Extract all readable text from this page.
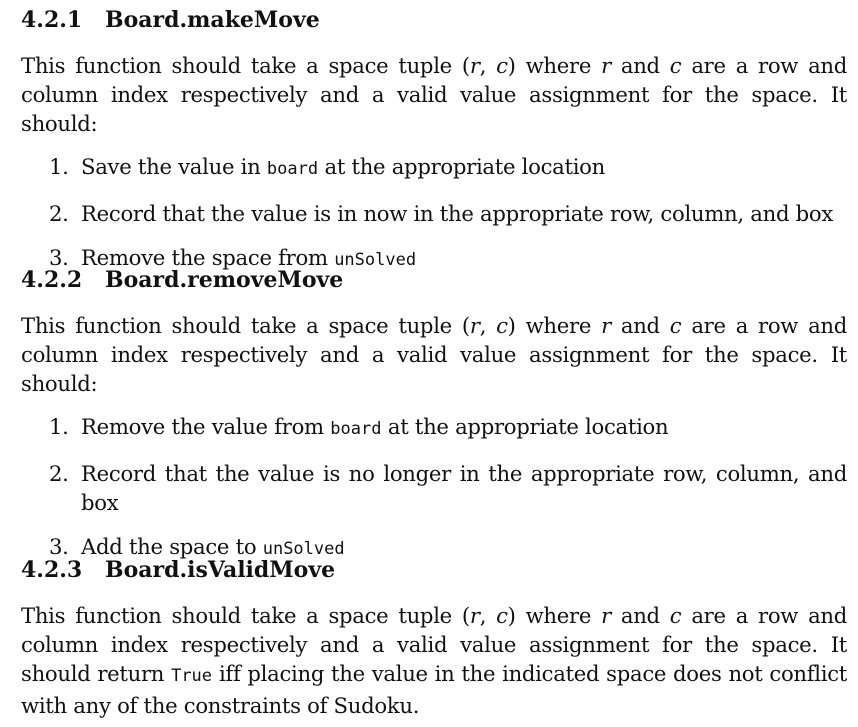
4.2.1 Board.makeMove

This function should take a space tuple (r, c) where r and c are a row and column index respectively and a valid value assignment for the space. It should:

1. Save the value in board at the appropriate location
2. Record that the value is in now in the appropriate row, column, and box
3. Remove the space from unSolved
4.2.2 Board.removeMove

This function should take a space tuple (r, c) where r and c are a row and column index respectively and a valid value assignment for the space. It should:

1. Remove the value from board at the appropriate location
2. Record that the value is no longer in the appropriate row, column, and box
3. Add the space to unSolved
4.2.3 Board.isValidMove

This function should take a space tuple (r, c) where r and c are a row and column index respectively and a valid value assignment for the space. It should return True iff placing the value in the indicated space does not conflict with any of the constraints of Sudoku.
